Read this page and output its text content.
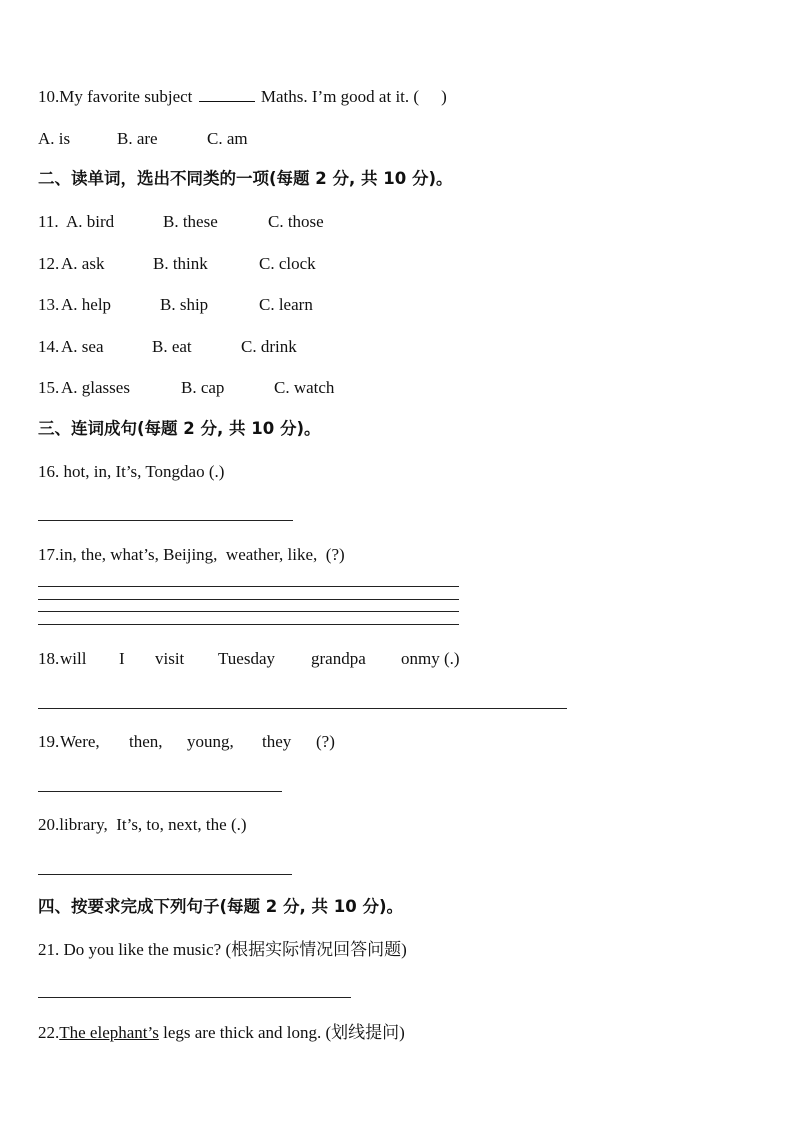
10.My favorite subject	Maths. I’m good at it. ( )
A. is	B. are	C. am
二、读单词，选出不同类的一项(每题 2 分, 共 10 分)。
11. A. bird	B. these	C. those
12. A. ask	B. think	C. clock
13. A. help	B. ship	C. learn
14. A. sea	B. eat	C. drink
15. A. glasses	B. cap	C. watch
三、连词成句(每题 2 分, 共 10 分)。
16. hot, in, It’s, Tongdao (.)
17.in, the, what’s, Beijing,  weather, like,  (?)
18. will I visit Tuesday grandpa onmy (.)
19. Were, then, young, they (?)
20.library,  It’s, to, next, the (.)
四、按要求完成下列句子(每题 2 分, 共 10 分)。
21. Do you like the music? (根据实际情况回答问题)
22.The elephant’s legs are thick and long. (划线提问)
